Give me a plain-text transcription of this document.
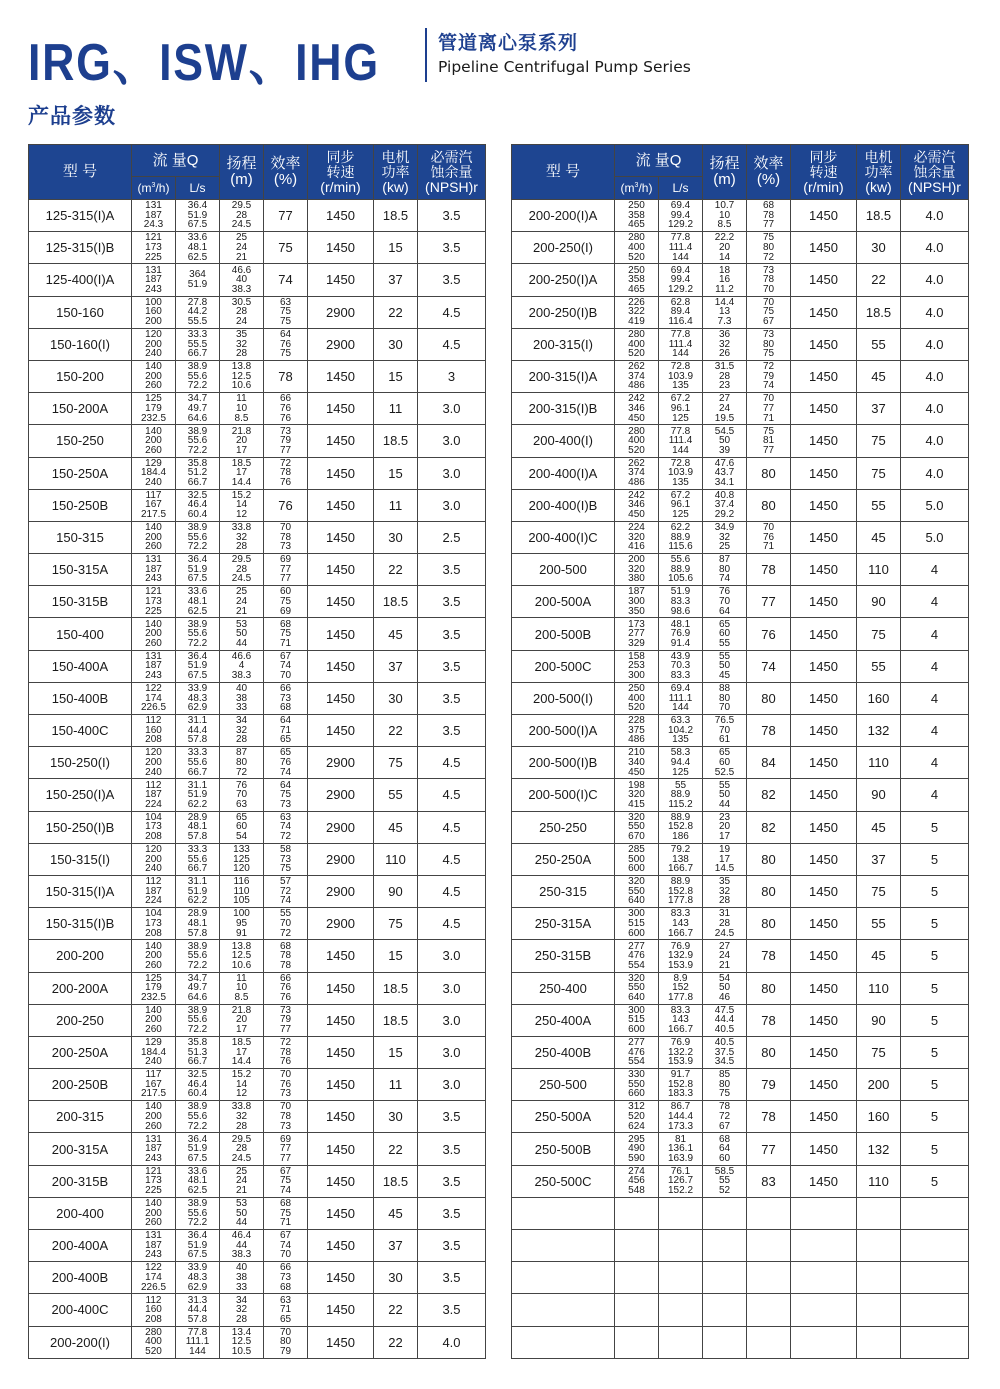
IRG、ISW、IHG	管道离心泵系列
Pipeline Centrifugal Pump Series
产品参数
型 号	流 量Q		扬程
(m)	效率
(%)	同步
转速
(r/min)	电机
功率
(kw)	必需汽
蚀余量
(NPSH)r
	$(m^3/h)$	L/s					
125-315(I)A	131
187
24.3	36.4
51.9
67.5	29.5
28
24.5	77	1450	18.5	3.5
125-315(I)B	121
173
225	33.6
48.1
62.5	25
24
21	75	1450	15	3.5
125-400(I)A	131
187
243	364
51.9	46.6
40
38.3	74	1450	37	3.5
150-160	100
160
200	27.8
44.2
55.5	30.5
28
24	63
75
75	2900	22	4.5
150-160(I)	120
200
240	33.3
55.5
66.7	35
32
28	64
76
75	2900	30	4.5
150-200	140
200
260	38.9
55.6
72.2	13.8
12.5
10.6	78	1450	15	3
150-200A	125
179
232.5	34.7
49.7
64.6	11
10
8.5	66
76
76	1450	11	3.0
150-250	140
200
260	38.9
55.6
72.2	21.8
20
17	73
79
77	1450	18.5	3.0
150-250A	129
184.4
240	35.8
51.2
66.7	18.5
17
14.4	72
78
76	1450	15	3.0
150-250B	117
167
217.5	32.5
46.4
60.4	15.2
14
12	76	1450	11	3.0
150-315	140
200
260	38.9
55.6
72.2	33.8
32
28	70
78
73	1450	30	2.5
150-315A	131
187
243	36.4
51.9
67.5	29.5
28
24.5	69
77
77	1450	22	3.5
150-315B	121
173
225	33.6
48.1
62.5	25
24
21	60
75
69	1450	18.5	3.5
150-400	140
200
260	38.9
55.6
72.2	53
50
44	68
75
71	1450	45	3.5
150-400A	131
187
243	36.4
51.9
67.5	46.6
4
38.3	67
74
70	1450	37	3.5
150-400B	122
174
226.5	33.9
48.3
62.9	40
38
33	66
73
68	1450	30	3.5
150-400C	112
160
208	31.1
44.4
57.8	34
32
28	64
71
65	1450	22	3.5
150-250(I)	120
200
240	33.3
55.6
66.7	87
80
72	65
76
74	2900	75	4.5
150-250(I)A	112
187
224	31.1
51.9
62.2	76
70
63	64
75
73	2900	55	4.5
150-250(I)B	104
173
208	28.9
48.1
57.8	65
60
54	63
74
72	2900	45	4.5
150-315(I)	120
200
240	33.3
55.6
66.7	133
125
120	58
73
75	2900	110	4.5
150-315(I)A	112
187
224	31.1
51.9
62.2	116
110
105	57
72
74	2900	90	4.5
150-315(I)B	104
173
208	28.9
48.1
57.8	100
95
91	55
70
72	2900	75	4.5
200-200	140
200
260	38.9
55.6
72.2	13.8
12.5
10.6	68
78
78	1450	15	3.0
200-200A	125
179
232.5	34.7
49.7
64.6	11
10
8.5	66
76
76	1450	18.5	3.0
200-250	140
200
260	38.9
55.6
72.2	21.8
20
17	73
79
77	1450	18.5	3.0
200-250A	129
184.4
240	35.8
51.3
66.7	18.5
17
14.4	72
78
76	1450	15	3.0
200-250B	117
167
217.5	32.5
46.4
60.4	15.2
14
12	70
76
73	1450	11	3.0
200-315	140
200
260	38.9
55.6
72.2	33.8
32
28	70
78
73	1450	30	3.5
200-315A	131
187
243	36.4
51.9
67.5	29.5
28
24.5	69
77
77	1450	22	3.5
200-315B	121
173
225	33.6
48.1
62.5	25
24
21	67
75
74	1450	18.5	3.5
200-400	140
200
260	38.9
55.6
72.2	53
50
44	68
75
71	1450	45	3.5
200-400A	131
187
243	36.4
51.9
67.5	46.4
44
38.3	67
74
70	1450	37	3.5
200-400B	122
174
226.5	33.9
48.3
62.9	40
38
33	66
73
68	1450	30	3.5
200-400C	112
160
208	31.3
44.4
57.8	34
32
28	63
71
65	1450	22	3.5
200-200(I)	280
400
520	77.8
111.1
144	13.4
12.5
10.5	70
80
79	1450	22	4.0
型 号	流 量Q		扬程
(m)	效率
(%)	同步
转速
(r/min)	电机
功率
(kw)	必需汽
蚀余量
(NPSH)r
	$(m^3/h)$	L/s					
200-200(I)A	250
358
465	69.4
99.4
129.2	10.7
10
8.5	68
78
77	1450	18.5	4.0
200-250(I)	280
400
520	77.8
111.4
144	22.2
20
14	75
80
72	1450	30	4.0
200-250(I)A	250
358
465	69.4
99.4
129.2	18
16
11.2	73
78
70	1450	22	4.0
200-250(I)B	226
322
419	62.8
89.4
116.4	14.4
13
7.3	70
75
67	1450	18.5	4.0
200-315(I)	280
400
520	77.8
111.4
144	36
32
26	73
80
75	1450	55	4.0
200-315(I)A	262
374
486	72.8
103.9
135	31.5
28
23	72
79
74	1450	45	4.0
200-315(I)B	242
346
450	67.2
96.1
125	27
24
19.5	70
77
71	1450	37	4.0
200-400(I)	280
400
520	77.8
111.4
144	54.5
50
39	75
81
77	1450	75	4.0
200-400(I)A	262
374
486	72.8
103.9
135	47.6
43.7
34.1	80	1450	75	4.0
200-400(I)B	242
346
450	67.2
96.1
125	40.8
37.4
29.2	80	1450	55	5.0
200-400(I)C	224
320
416	62.2
88.9
115.6	34.9
32
25	70
76
71	1450	45	5.0
200-500	200
320
380	55.6
88.9
105.6	87
80
74	78	1450	110	4
200-500A	187
300
350	51.9
83.3
98.6	76
70
64	77	1450	90	4
200-500B	173
277
329	48.1
76.9
91.4	65
60
55	76	1450	75	4
200-500C	158
253
300	43.9
70.3
83.3	55
50
45	74	1450	55	4
200-500(I)	250
400
520	69.4
111.1
144	88
80
70	80	1450	160	4
200-500(I)A	228
375
486	63.3
104.2
135	76.5
70
61	78	1450	132	4
200-500(I)B	210
340
450	58.3
94.4
125	65
60
52.5	84	1450	110	4
200-500(I)C	198
320
415	55
88.9
115.2	55
50
44	82	1450	90	4
250-250	320
550
670	88.9
152.8
186	23
20
17	82	1450	45	5
250-250A	285
500
600	79.2
138
166.7	19
17
14.5	80	1450	37	5
250-315	320
550
640	88.9
152.8
177.8	35
32
28	80	1450	75	5
250-315A	300
515
600	83.3
143
166.7	31
28
24.5	80	1450	55	5
250-315B	277
476
554	76.9
132.9
153.9	27
24
21	78	1450	45	5
250-400	320
550
640	8.9
152
177.8	54
50
46	80	1450	110	5
250-400A	300
515
600	83.3
143
166.7	47.5
44.4
40.5	78	1450	90	5
250-400B	277
476
554	76.9
132.2
153.9	40.5
37.5
34.5	80	1450	75	5
250-500	330
550
660	91.7
152.8
183.3	85
80
75	79	1450	200	5
250-500A	312
520
624	86.7
144.4
173.3	78
72
67	78	1450	160	5
250-500B	295
490
590	81
136.1
163.9	68
64
60	77	1450	132	5
250-500C	274
456
548	76.1
126.7
152.2	58.5
55
52	83	1450	110	5
